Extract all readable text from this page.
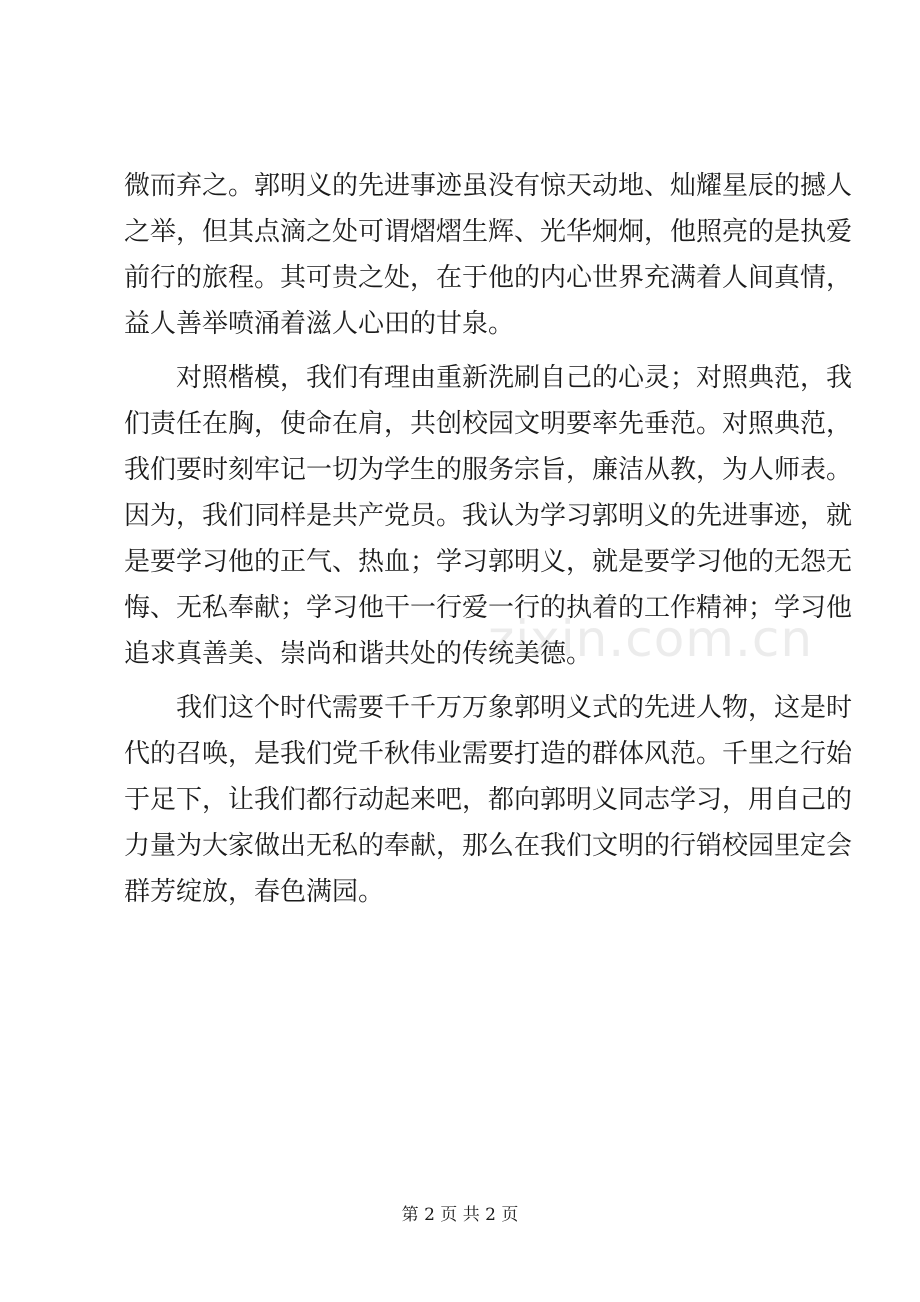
微而弃之。郭明义的先进事迹虽没有惊天动地、灿耀星辰的撼人
之举，但其点滴之处可谓熠熠生辉、光华炯炯，他照亮的是执爱
前行的旅程。其可贵之处，在于他的内心世界充满着人间真情，
益人善举喷涌着滋人心田的甘泉。
对照楷模，我们有理由重新洗刷自己的心灵；对照典范，我
们责任在胸，使命在肩，共创校园文明要率先垂范。对照典范，
我们要时刻牢记一切为学生的服务宗旨，廉洁从教，为人师表。
因为，我们同样是共产党员。我认为学习郭明义的先进事迹，就
是要学习他的正气、热血；学习郭明义，就是要学习他的无怨无
悔、无私奉献；学习他干一行爱一行的执着的工作精神；学习他
追求真善美、崇尚和谐共处的传统美德。
我们这个时代需要千千万万象郭明义式的先进人物，这是时
代的召唤，是我们党千秋伟业需要打造的群体风范。千里之行始
于足下，让我们都行动起来吧，都向郭明义同志学习，用自己的
力量为大家做出无私的奉献，那么在我们文明的行销校园里定会
群芳绽放，春色满园。
zixin.com.cn
第 2 页 共 2 页
